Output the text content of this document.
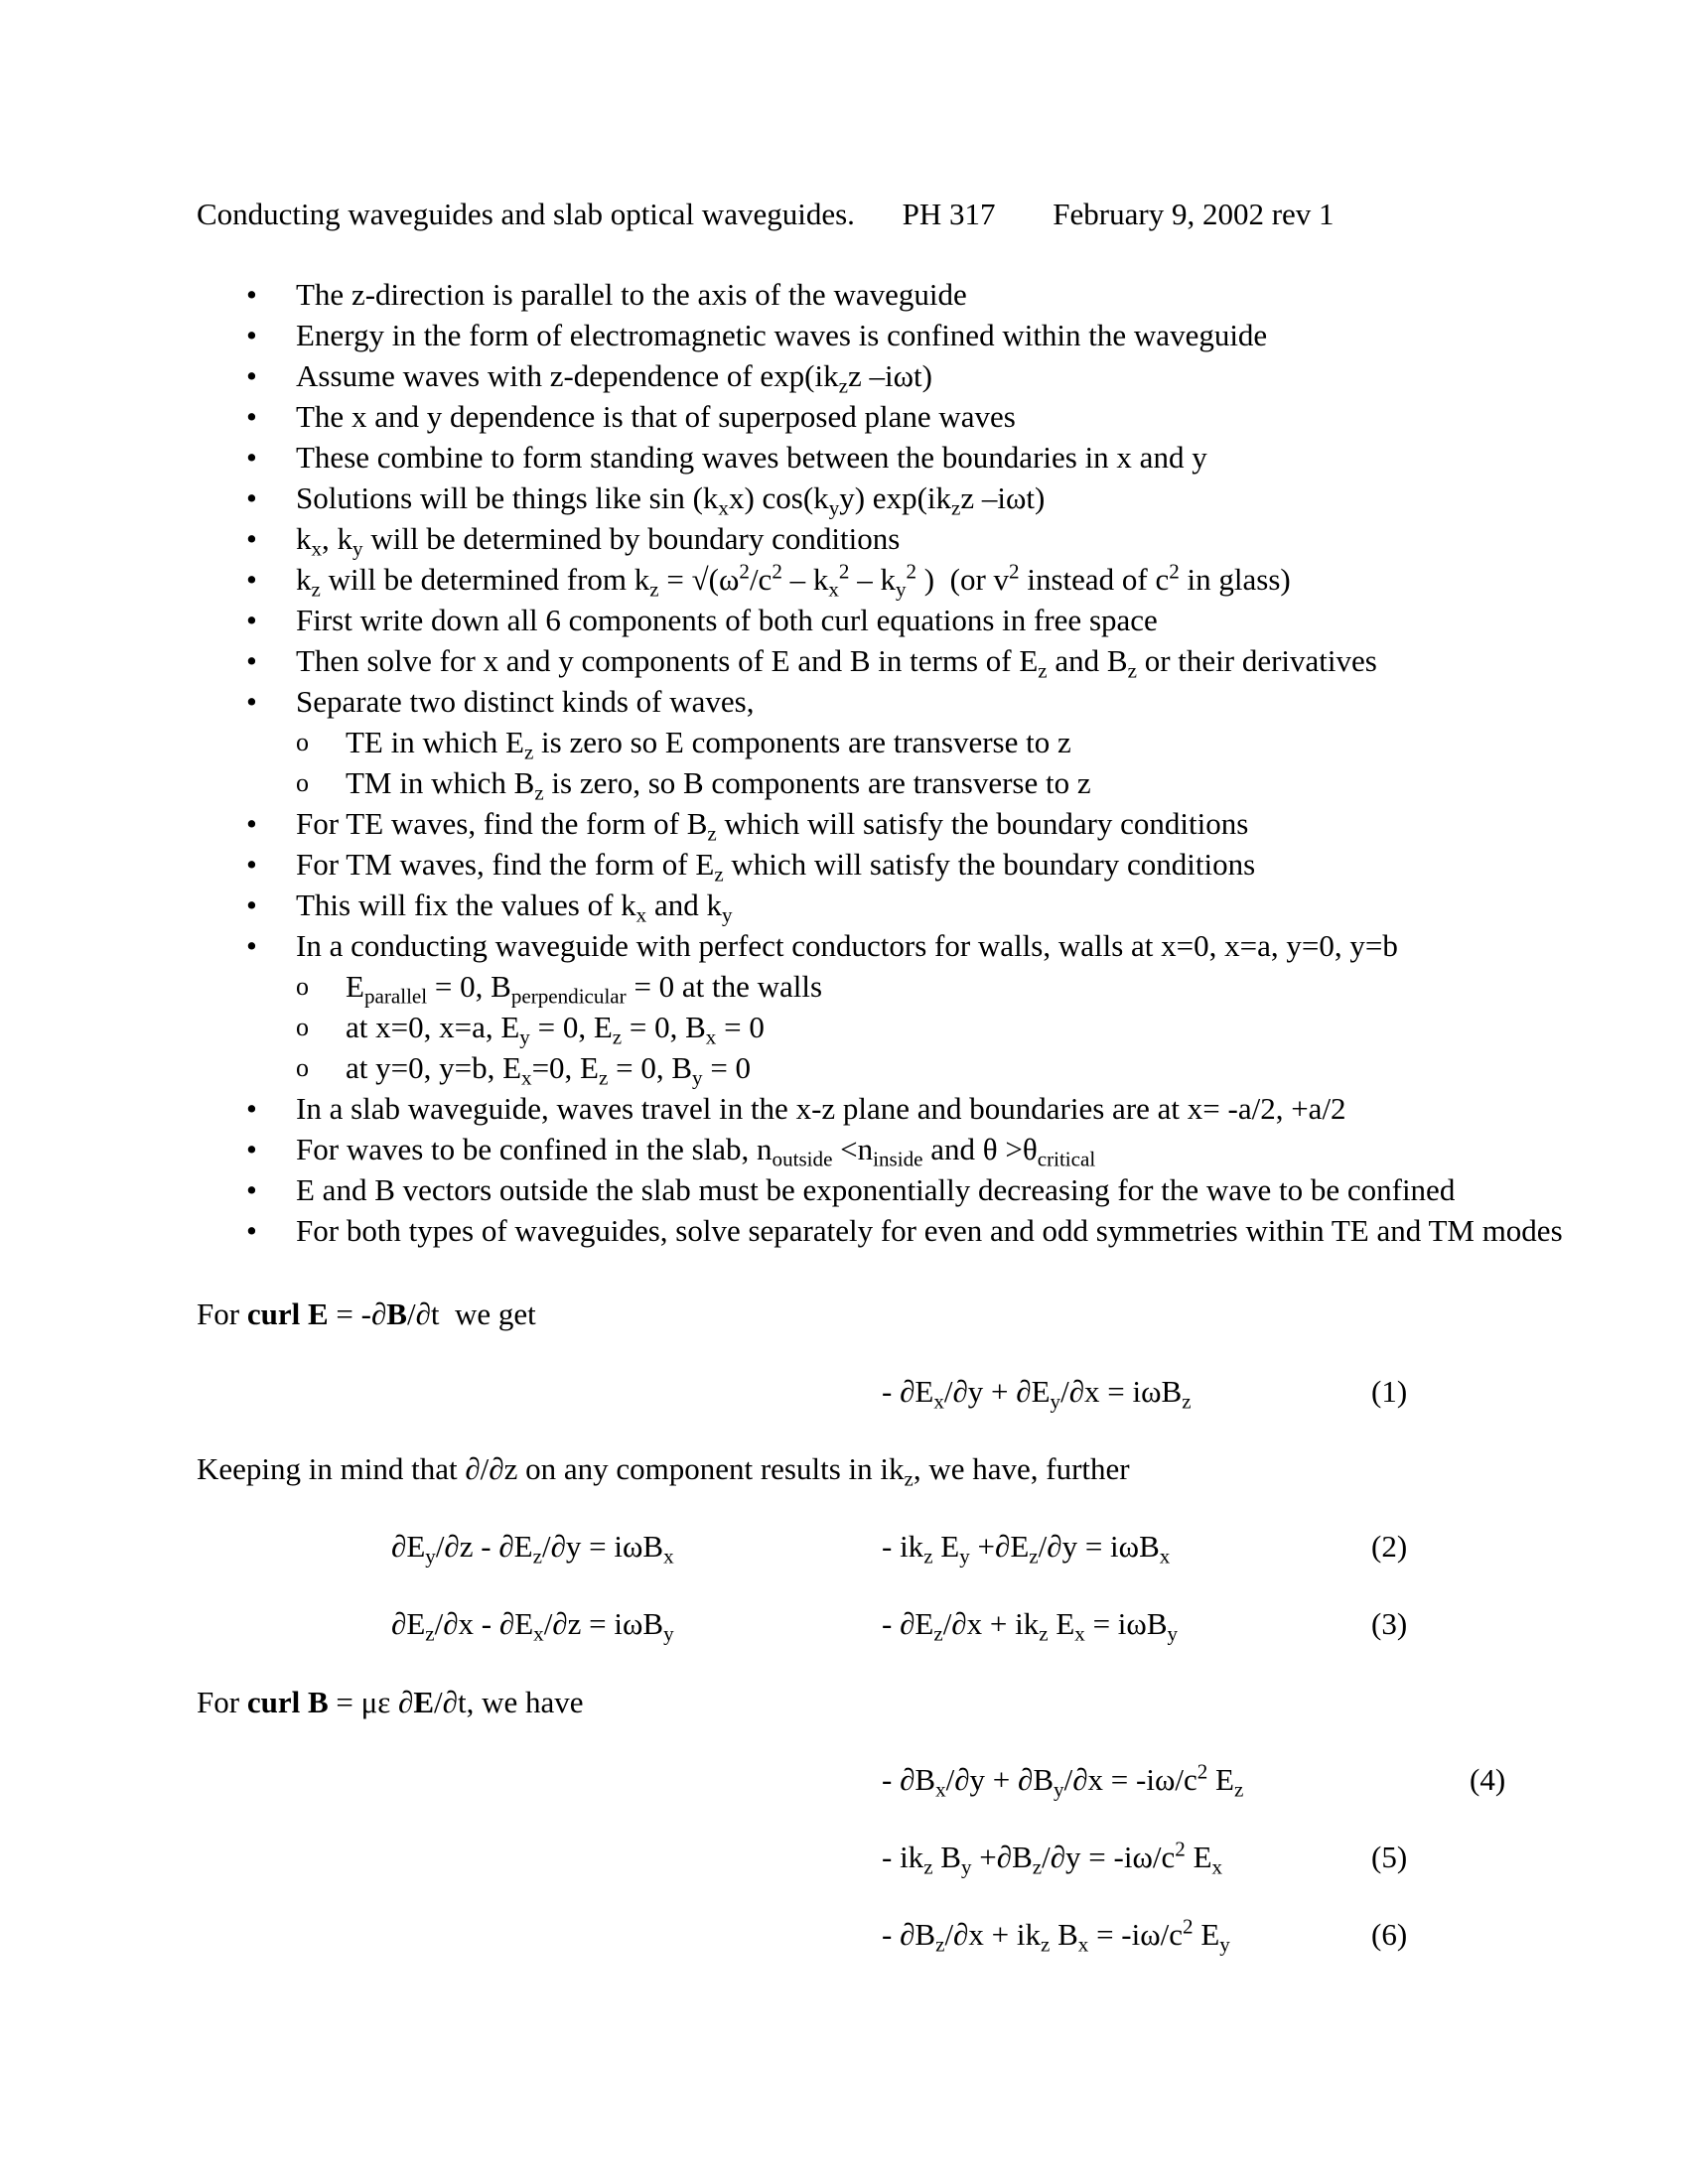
Conducting waveguides and slab optical waveguides. PH 317 February 9, 2002 rev 1
• The z-direction is parallel to the axis of the waveguide
• Energy in the form of electromagnetic waves is confined within the waveguide
• Assume waves with z-dependence of $\exp(ik_zz$ –iωt)
• The x and y dependence is that of superposed plane waves
• These combine to form standing waves between the boundaries in x and y
• Solutions will be things like $\sin (k_xx)$ $\cos(k_yy)$ $\exp(ik_zz$ –iωt)
• $k_x$, $k_y$ will be determined by boundary conditions
• $k_z$ will be determined from $k_z = √(\omega^2/c^2 - k_x^2 - k_y^2$ )  (or $v^2$ instead of $c^2$ in glass)
• First write down all 6 components of both curl equations in free space
• Then solve for x and y components of E and B in terms of $E_z$ and $B_z$ or their derivatives
• Separate two distinct kinds of waves,
o TE in which $E_z$ is zero so E components are transverse to z
o TM in which $B_z$ is zero, so B components are transverse to z
• For TE waves, find the form of $B_z$ which will satisfy the boundary conditions
• For TM waves, find the form of $E_z$ which will satisfy the boundary conditions
• This will fix the values of $k_x$ and $k_y$
• In a conducting waveguide with perfect conductors for walls, walls at x=0, x=a, y=0, y=b
o $E_{parallel} = 0$, $B_{perpendicular} = 0$ at the walls
o at x=0, x=a, $E_y = 0$, $E_z = 0$, $B_x = 0$
o at y=0, y=b, $E_x=0$, $E_z = 0$, $B_y = 0$
• In a slab waveguide, waves travel in the x-z plane and boundaries are at x= -a/2, +a/2
• For waves to be confined in the slab, $n_{outside} <n_{inside}$ and $\theta >\theta_{critical}$
• E and B vectors outside the slab must be exponentially decreasing for the wave to be confined
• For both types of waveguides, solve separately for even and odd symmetries within TE and TM modes
For curl E = -∂B/∂t  we get
- $\partial E_x/\partial y + \partial E_y/\partial x = i\omega B_z$	(1)
Keeping in mind that ∂/∂z on any component results in $ik_z$, we have, further
$\partial E_y/\partial z - \partial E_z/\partial y = i\omega B_x$	- $ik_z$ $E_y +\partial E_z/\partial y = i\omega B_x$	(2)
$\partial E_z/\partial x - \partial E_x/\partial z = i\omega B_y$	- $\partial E_z/\partial x + ik_z$ $E_x = i\omega B_y$	(3)
For curl B = με ∂E/∂t, we have
- $\partial B_x/\partial y + \partial B_y/\partial x = -i\omega/c^2$ $E_z$	(4)
- $ik_z$ $B_y +\partial B_z/\partial y = -i\omega/c^2$ $E_x$	(5)
- $\partial B_z/\partial x + ik_z$ $B_x = -i\omega/c^2$ $E_y$	(6)
